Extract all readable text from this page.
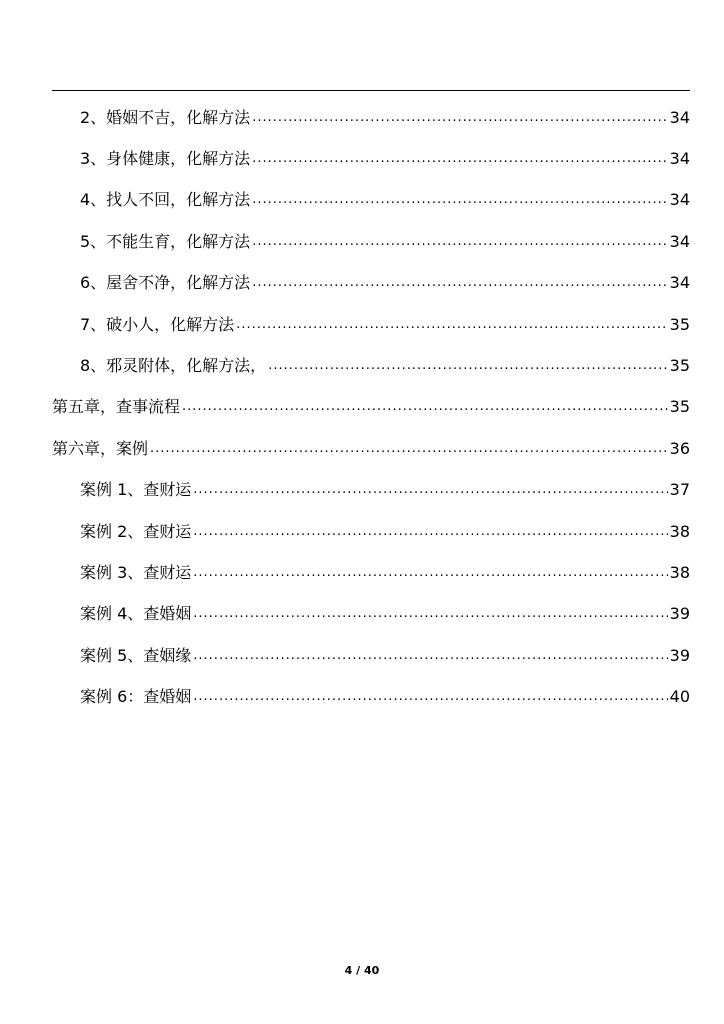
2、婚姻不吉，化解方法 .....	34
3、身体健康，化解方法 .....	34
4、找人不回，化解方法 .....	34
5、不能生育，化解方法 .....	34
6、屋舍不净，化解方法 .....	34
7、破小人，化解方法 .....	35
8、邪灵附体，化解方法， .....	35
第五章，查事流程 .....	35
第六章，案例 .....	36
案例 1、查财运 .....	37
案例 2、查财运 .....	38
案例 3、查财运 .....	38
案例 4、查婚姻 .....	39
案例 5、查姻缘 .....	39
案例 6：查婚姻 .....	40
4 / 40
